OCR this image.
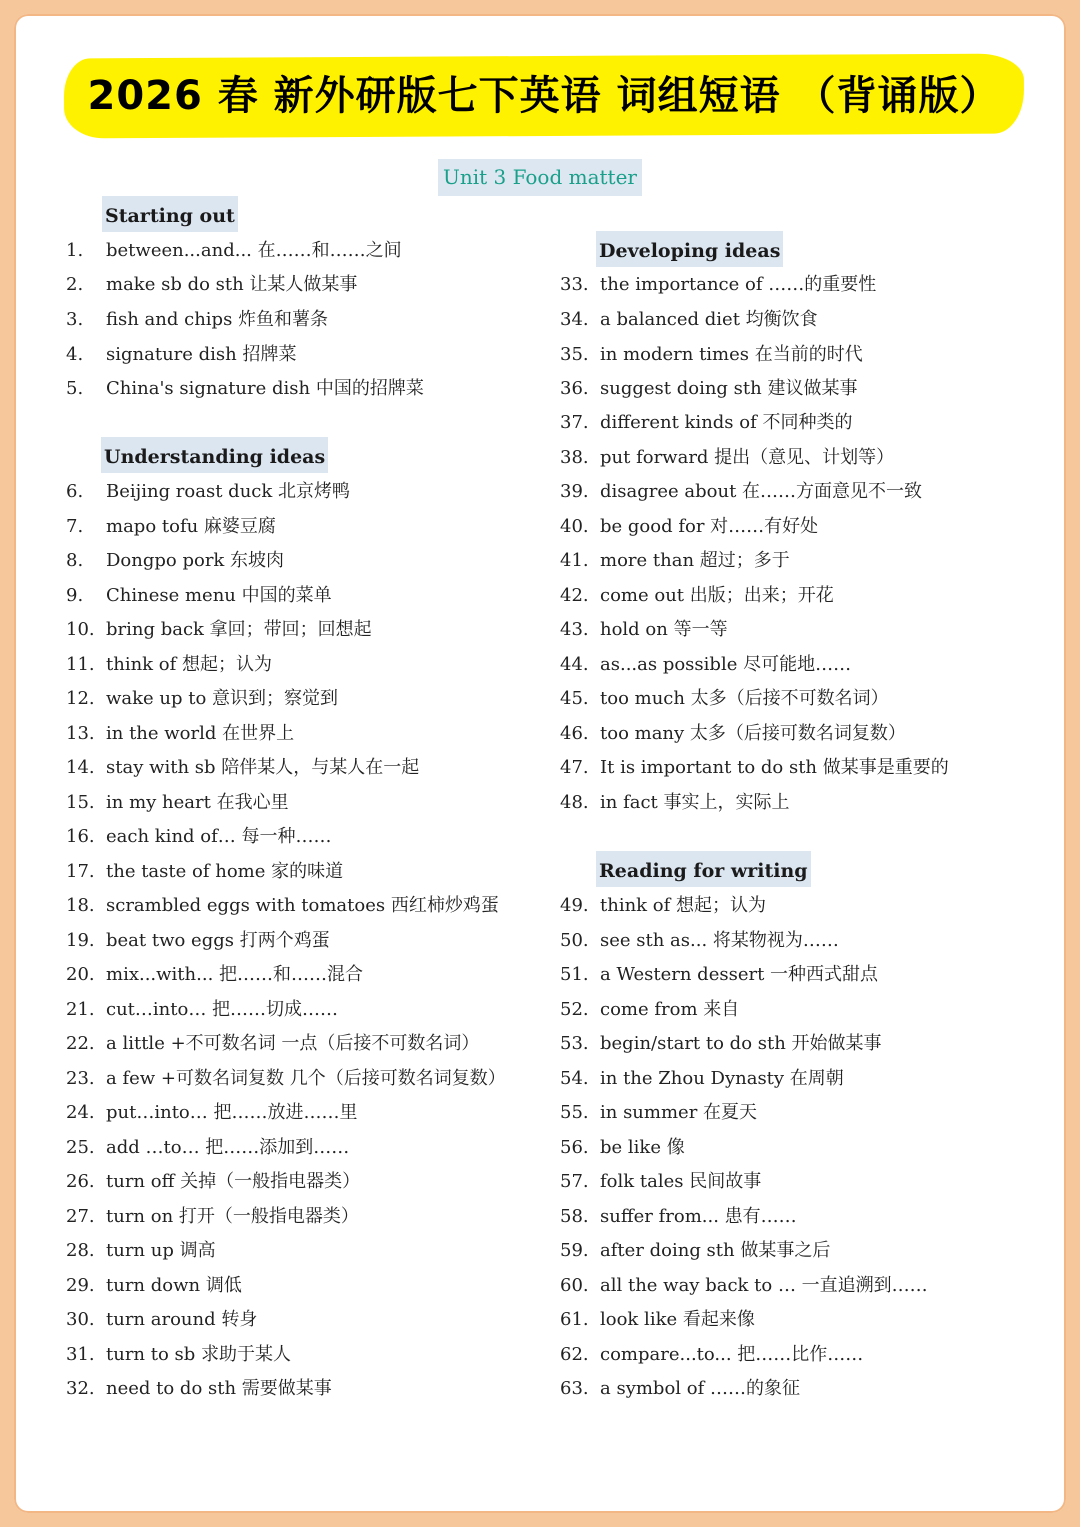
2026 春 新外研版七下英语 词组短语 （背诵版）
Unit 3 Food matter
Starting out
Understanding ideas
Developing ideas
Reading for writing
1. between...and... 在……和……之间
2. make sb do sth 让某人做某事
3. fish and chips 炸鱼和薯条
4. signature dish 招牌菜
5. China's signature dish 中国的招牌菜
6. Beijing roast duck 北京烤鸭
7. mapo tofu 麻婆豆腐
8. Dongpo pork 东坡肉
9. Chinese menu 中国的菜单
10. bring back 拿回；带回；回想起
11. think of 想起；认为
12. wake up to 意识到；察觉到
13. in the world 在世界上
14. stay with sb 陪伴某人，与某人在一起
15. in my heart 在我心里
16. each kind of… 每一种……
17. the taste of home 家的味道
18. scrambled eggs with tomatoes 西红柿炒鸡蛋
19. beat two eggs 打两个鸡蛋
20. mix...with... 把……和……混合
21. cut…into… 把……切成……
22. a little +不可数名词 一点（后接不可数名词）
23. a few +可数名词复数 几个（后接可数名词复数）
24. put…into… 把……放进……里
25. add …to… 把……添加到……
26. turn off 关掉（一般指电器类）
27. turn on 打开（一般指电器类）
28. turn up 调高
29. turn down 调低
30. turn around 转身
31. turn to sb 求助于某人
32. need to do sth 需要做某事
33. the importance of ……的重要性
34. a balanced diet 均衡饮食
35. in modern times 在当前的时代
36. suggest doing sth 建议做某事
37. different kinds of 不同种类的
38. put forward 提出（意见、计划等）
39. disagree about 在……方面意见不一致
40. be good for 对……有好处
41. more than 超过；多于
42. come out 出版；出来；开花
43. hold on 等一等
44. as...as possible 尽可能地……
45. too much 太多（后接不可数名词）
46. too many 太多（后接可数名词复数）
47. It is important to do sth 做某事是重要的
48. in fact 事实上，实际上
49. think of 想起；认为
50. see sth as... 将某物视为……
51. a Western dessert 一种西式甜点
52. come from 来自
53. begin/start to do sth 开始做某事
54. in the Zhou Dynasty 在周朝
55. in summer 在夏天
56. be like 像
57. folk tales 民间故事
58. suffer from... 患有……
59. after doing sth 做某事之后
60. all the way back to … 一直追溯到……
61. look like 看起来像
62. compare...to... 把……比作……
63. a symbol of ……的象征
